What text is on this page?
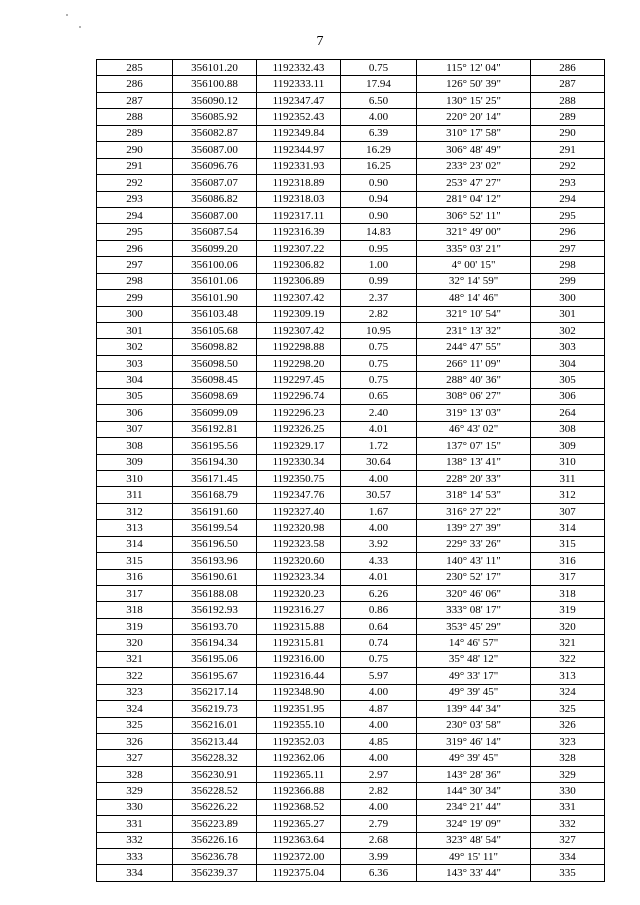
7
285	356101.20	1192332.43	0.75	115° 12' 04"	286
286	356100.88	1192333.11	17.94	126° 50' 39"	287
287	356090.12	1192347.47	6.50	130° 15' 25"	288
288	356085.92	1192352.43	4.00	220° 20' 14"	289
289	356082.87	1192349.84	6.39	310° 17' 58"	290
290	356087.00	1192344.97	16.29	306° 48' 49"	291
291	356096.76	1192331.93	16.25	233° 23' 02"	292
292	356087.07	1192318.89	0.90	253° 47' 27"	293
293	356086.82	1192318.03	0.94	281° 04' 12"	294
294	356087.00	1192317.11	0.90	306° 52' 11"	295
295	356087.54	1192316.39	14.83	321° 49' 00"	296
296	356099.20	1192307.22	0.95	335° 03' 21"	297
297	356100.06	1192306.82	1.00	4° 00' 15"	298
298	356101.06	1192306.89	0.99	32° 14' 59"	299
299	356101.90	1192307.42	2.37	48° 14' 46"	300
300	356103.48	1192309.19	2.82	321° 10' 54"	301
301	356105.68	1192307.42	10.95	231° 13' 32"	302
302	356098.82	1192298.88	0.75	244° 47' 55"	303
303	356098.50	1192298.20	0.75	266° 11' 09"	304
304	356098.45	1192297.45	0.75	288° 40' 36"	305
305	356098.69	1192296.74	0.65	308° 06' 27"	306
306	356099.09	1192296.23	2.40	319° 13' 03"	264
307	356192.81	1192326.25	4.01	46° 43' 02"	308
308	356195.56	1192329.17	1.72	137° 07' 15"	309
309	356194.30	1192330.34	30.64	138° 13' 41"	310
310	356171.45	1192350.75	4.00	228° 20' 33"	311
311	356168.79	1192347.76	30.57	318° 14' 53"	312
312	356191.60	1192327.40	1.67	316° 27' 22"	307
313	356199.54	1192320.98	4.00	139° 27' 39"	314
314	356196.50	1192323.58	3.92	229° 33' 26"	315
315	356193.96	1192320.60	4.33	140° 43' 11"	316
316	356190.61	1192323.34	4.01	230° 52' 17"	317
317	356188.08	1192320.23	6.26	320° 46' 06"	318
318	356192.93	1192316.27	0.86	333° 08' 17"	319
319	356193.70	1192315.88	0.64	353° 45' 29"	320
320	356194.34	1192315.81	0.74	14° 46' 57"	321
321	356195.06	1192316.00	0.75	35° 48' 12"	322
322	356195.67	1192316.44	5.97	49° 33' 17"	313
323	356217.14	1192348.90	4.00	49° 39' 45"	324
324	356219.73	1192351.95	4.87	139° 44' 34"	325
325	356216.01	1192355.10	4.00	230° 03' 58"	326
326	356213.44	1192352.03	4.85	319° 46' 14"	323
327	356228.32	1192362.06	4.00	49° 39' 45"	328
328	356230.91	1192365.11	2.97	143° 28' 36"	329
329	356228.52	1192366.88	2.82	144° 30' 34"	330
330	356226.22	1192368.52	4.00	234° 21' 44"	331
331	356223.89	1192365.27	2.79	324° 19' 09"	332
332	356226.16	1192363.64	2.68	323° 48' 54"	327
333	356236.78	1192372.00	3.99	49° 15' 11"	334
334	356239.37	1192375.04	6.36	143° 33' 44"	335
